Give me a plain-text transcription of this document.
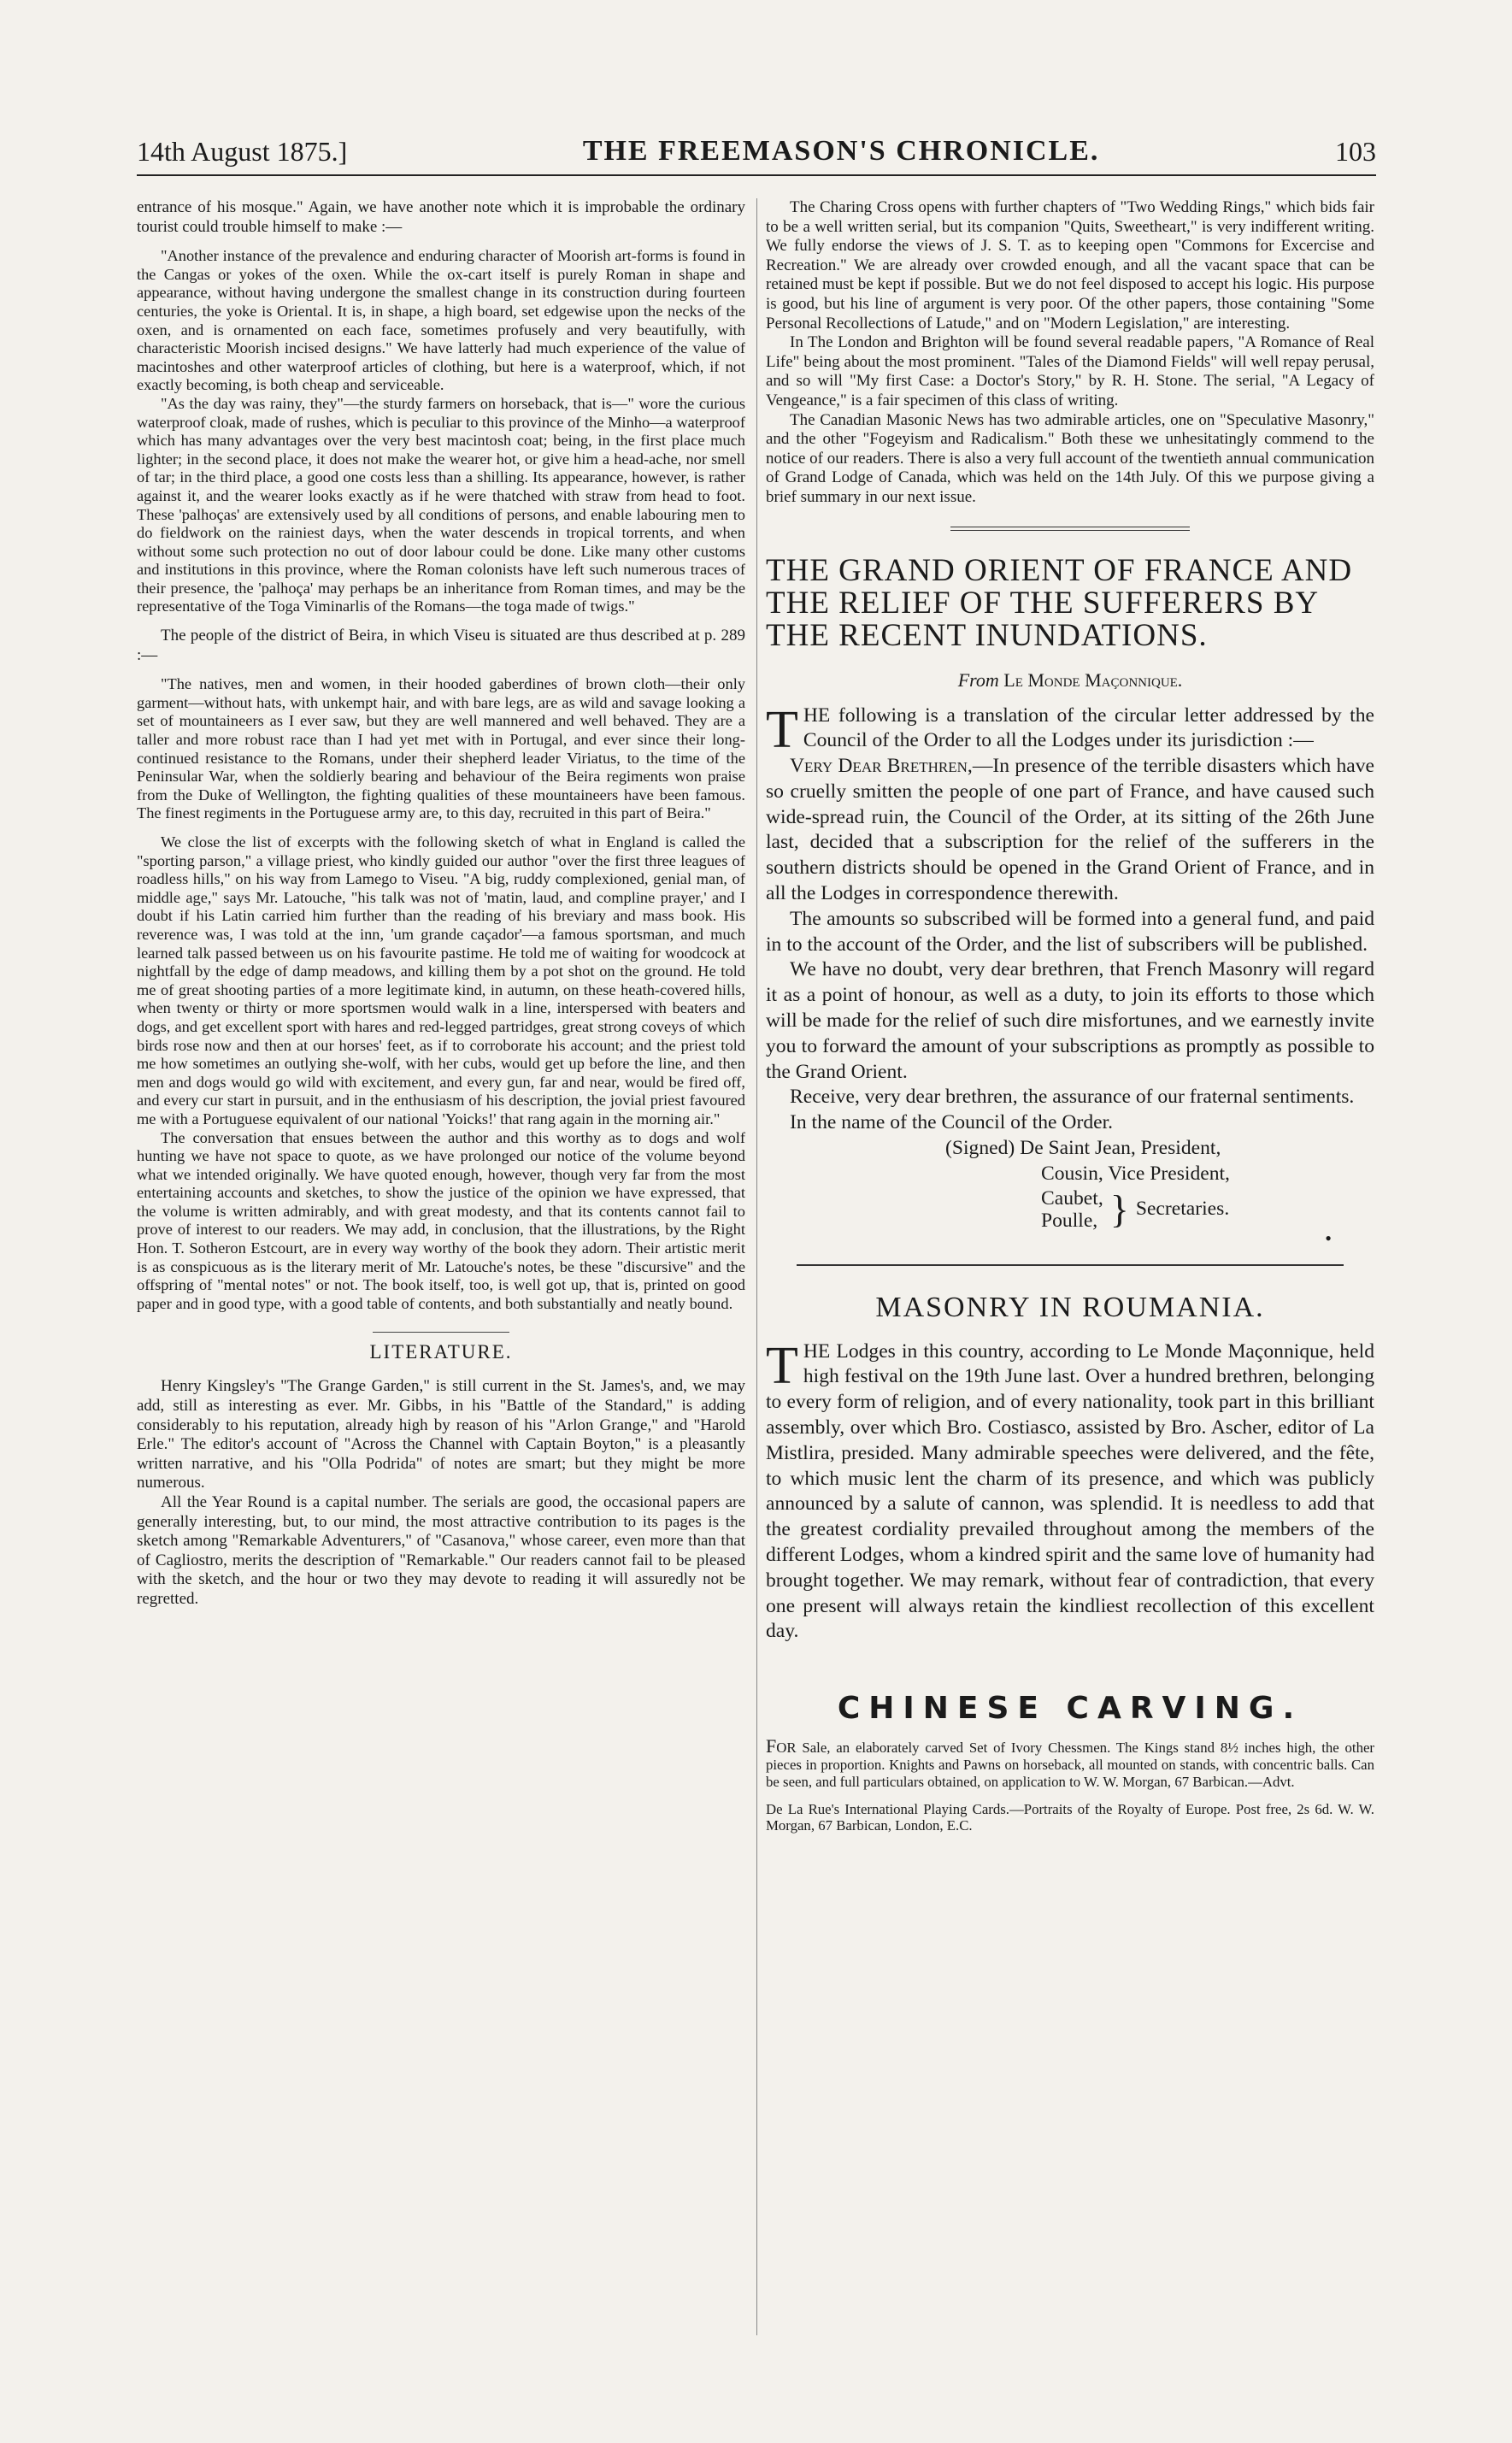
14th August 1875.]	THE FREEMASON'S CHRONICLE.	103

entrance of his mosque." Again, we have another note which it is improbable the ordinary tourist could trouble himself to make :—

"Another instance of the prevalence and enduring character of Moorish art-forms is found in the Cangas or yokes of the oxen. While the ox-cart itself is purely Roman in shape and appearance, without having undergone the smallest change in its construction during fourteen centuries, the yoke is Oriental. It is, in shape, a high board, set edgewise upon the necks of the oxen, and is ornamented on each face, sometimes profusely and very beautifully, with characteristic Moorish incised designs." We have latterly had much experience of the value of macintoshes and other waterproof articles of clothing, but here is a waterproof, which, if not exactly becoming, is both cheap and serviceable.

"As the day was rainy, they"—the sturdy farmers on horseback, that is—" wore the curious waterproof cloak, made of rushes, which is peculiar to this province of the Minho—a waterproof which has many advantages over the very best macintosh coat; being, in the first place much lighter; in the second place, it does not make the wearer hot, or give him a head-ache, nor smell of tar; in the third place, a good one costs less than a shilling. Its appearance, however, is rather against it, and the wearer looks exactly as if he were thatched with straw from head to foot. These 'palhoças' are extensively used by all conditions of persons, and enable labouring men to do fieldwork on the rainiest days, when the water descends in tropical torrents, and when without some such protection no out of door labour could be done. Like many other customs and institutions in this province, where the Roman colonists have left such numerous traces of their presence, the 'palhoça' may perhaps be an inheritance from Roman times, and may be the representative of the Toga Viminarlis of the Romans—the toga made of twigs."

The people of the district of Beira, in which Viseu is situated are thus described at p. 289 :—

"The natives, men and women, in their hooded gaberdines of brown cloth—their only garment—without hats, with unkempt hair, and with bare legs, are as wild and savage looking a set of mountaineers as I ever saw, but they are well mannered and well behaved. They are a taller and more robust race than I had yet met with in Portugal, and ever since their long-continued resistance to the Romans, under their shepherd leader Viriatus, to the time of the Peninsular War, when the soldierly bearing and behaviour of the Beira regiments won praise from the Duke of Wellington, the fighting qualities of these mountaineers have been famous. The finest regiments in the Portuguese army are, to this day, recruited in this part of Beira."

We close the list of excerpts with the following sketch of what in England is called the "sporting parson," a village priest, who kindly guided our author "over the first three leagues of roadless hills," on his way from Lamego to Viseu. "A big, ruddy complexioned, genial man, of middle age," says Mr. Latouche, "his talk was not of 'matin, laud, and compline prayer,' and I doubt if his Latin carried him further than the reading of his breviary and mass book. His reverence was, I was told at the inn, 'um grande caçador'—a famous sportsman, and much learned talk passed between us on his favourite pastime. He told me of waiting for woodcock at nightfall by the edge of damp meadows, and killing them by a pot shot on the ground. He told me of great shooting parties of a more legitimate kind, in autumn, on these heath-covered hills, when twenty or thirty or more sportsmen would walk in a line, interspersed with beaters and dogs, and get excellent sport with hares and red-legged partridges, great strong coveys of which birds rose now and then at our horses' feet, as if to corroborate his account; and the priest told me how sometimes an outlying she-wolf, with her cubs, would get up before the line, and then men and dogs would go wild with excitement, and every gun, far and near, would be fired off, and every cur start in pursuit, and in the enthusiasm of his description, the jovial priest favoured me with a Portuguese equivalent of our national 'Yoicks!' that rang again in the morning air."

The conversation that ensues between the author and this worthy as to dogs and wolf hunting we have not space to quote, as we have prolonged our notice of the volume beyond what we intended originally. We have quoted enough, however, though very far from the most entertaining accounts and sketches, to show the justice of the opinion we have expressed, that the volume is written admirably, and with great modesty, and that its contents cannot fail to prove of interest to our readers. We may add, in conclusion, that the illustrations, by the Right Hon. T. Sotheron Estcourt, are in every way worthy of the book they adorn. Their artistic merit is as conspicuous as is the literary merit of Mr. Latouche's notes, be these "discursive" and the offspring of "mental notes" or not. The book itself, too, is well got up, that is, printed on good paper and in good type, with a good table of contents, and both substantially and neatly bound.

LITERATURE.

Henry Kingsley's "The Grange Garden," is still current in the St. James's, and, we may add, still as interesting as ever. Mr. Gibbs, in his "Battle of the Standard," is adding considerably to his reputation, already high by reason of his "Arlon Grange," and "Harold Erle." The editor's account of "Across the Channel with Captain Boyton," is a pleasantly written narrative, and his "Olla Podrida" of notes are smart; but they might be more numerous.

All the Year Round is a capital number. The serials are good, the occasional papers are generally interesting, but, to our mind, the most attractive contribution to its pages is the sketch among "Remarkable Adventurers," of "Casanova," whose career, even more than that of Cagliostro, merits the description of "Remarkable." Our readers cannot fail to be pleased with the sketch, and the hour or two they may devote to reading it will assuredly not be regretted.

The Charing Cross opens with further chapters of "Two Wedding Rings," which bids fair to be a well written serial, but its companion "Quits, Sweetheart," is very indifferent writing. We fully endorse the views of J. S. T. as to keeping open "Commons for Excercise and Recreation." We are already over crowded enough, and all the vacant space that can be retained must be kept if possible. But we do not feel disposed to accept his logic. His purpose is good, but his line of argument is very poor. Of the other papers, those containing "Some Personal Recollections of Latude," and on "Modern Legislation," are interesting.

In The London and Brighton will be found several readable papers, "A Romance of Real Life" being about the most prominent. "Tales of the Diamond Fields" will well repay perusal, and so will "My first Case: a Doctor's Story," by R. H. Stone. The serial, "A Legacy of Vengeance," is a fair specimen of this class of writing.

The Canadian Masonic News has two admirable articles, one on "Speculative Masonry," and the other "Fogeyism and Radicalism." Both these we unhesitatingly commend to the notice of our readers. There is also a very full account of the twentieth annual communication of Grand Lodge of Canada, which was held on the 14th July. Of this we purpose giving a brief summary in our next issue.

THE GRAND ORIENT OF FRANCE AND
THE RELIEF OF THE SUFFERERS BY
THE RECENT INUNDATIONS.
From Le Monde Maçonnique.

THE following is a translation of the circular letter addressed by the Council of the Order to all the Lodges under its jurisdiction :—

Very Dear Brethren,—In presence of the terrible disasters which have so cruelly smitten the people of one part of France, and have caused such wide-spread ruin, the Council of the Order, at its sitting of the 26th June last, decided that a subscription for the relief of the sufferers in the southern districts should be opened in the Grand Orient of France, and in all the Lodges in correspondence therewith.

The amounts so subscribed will be formed into a general fund, and paid in to the account of the Order, and the list of subscribers will be published.

We have no doubt, very dear brethren, that French Masonry will regard it as a point of honour, as well as a duty, to join its efforts to those which will be made for the relief of such dire misfortunes, and we earnestly invite you to forward the amount of your subscriptions as promptly as possible to the Grand Orient.

Receive, very dear brethren, the assurance of our fraternal sentiments.

In the name of the Council of the Order.

(Signed) De Saint Jean, President,
Cousin, Vice President,
Caubet,
Poulle, } Secretaries.
•
MASONRY IN ROUMANIA.

THE Lodges in this country, according to Le Monde Maçonnique, held high festival on the 19th June last. Over a hundred brethren, belonging to every form of religion, and of every nationality, took part in this brilliant assembly, over which Bro. Costiasco, assisted by Bro. Ascher, editor of La Mistlira, presided. Many admirable speeches were delivered, and the fête, to which music lent the charm of its presence, and which was publicly announced by a salute of cannon, was splendid. It is needless to add that the greatest cordiality prevailed throughout among the members of the different Lodges, whom a kindred spirit and the same love of humanity had brought together. We may remark, without fear of contradiction, that every one present will always retain the kindliest recollection of this excellent day.

CHINESE CARVING.

FOR Sale, an elaborately carved Set of Ivory Chessmen. The Kings stand 8½ inches high, the other pieces in proportion. Knights and Pawns on horseback, all mounted on stands, with concentric balls. Can be seen, and full particulars obtained, on application to W. W. Morgan, 67 Barbican.—Advt.

De La Rue's International Playing Cards.—Portraits of the Royalty of Europe. Post free, 2s 6d. W. W. Morgan, 67 Barbican, London, E.C.
